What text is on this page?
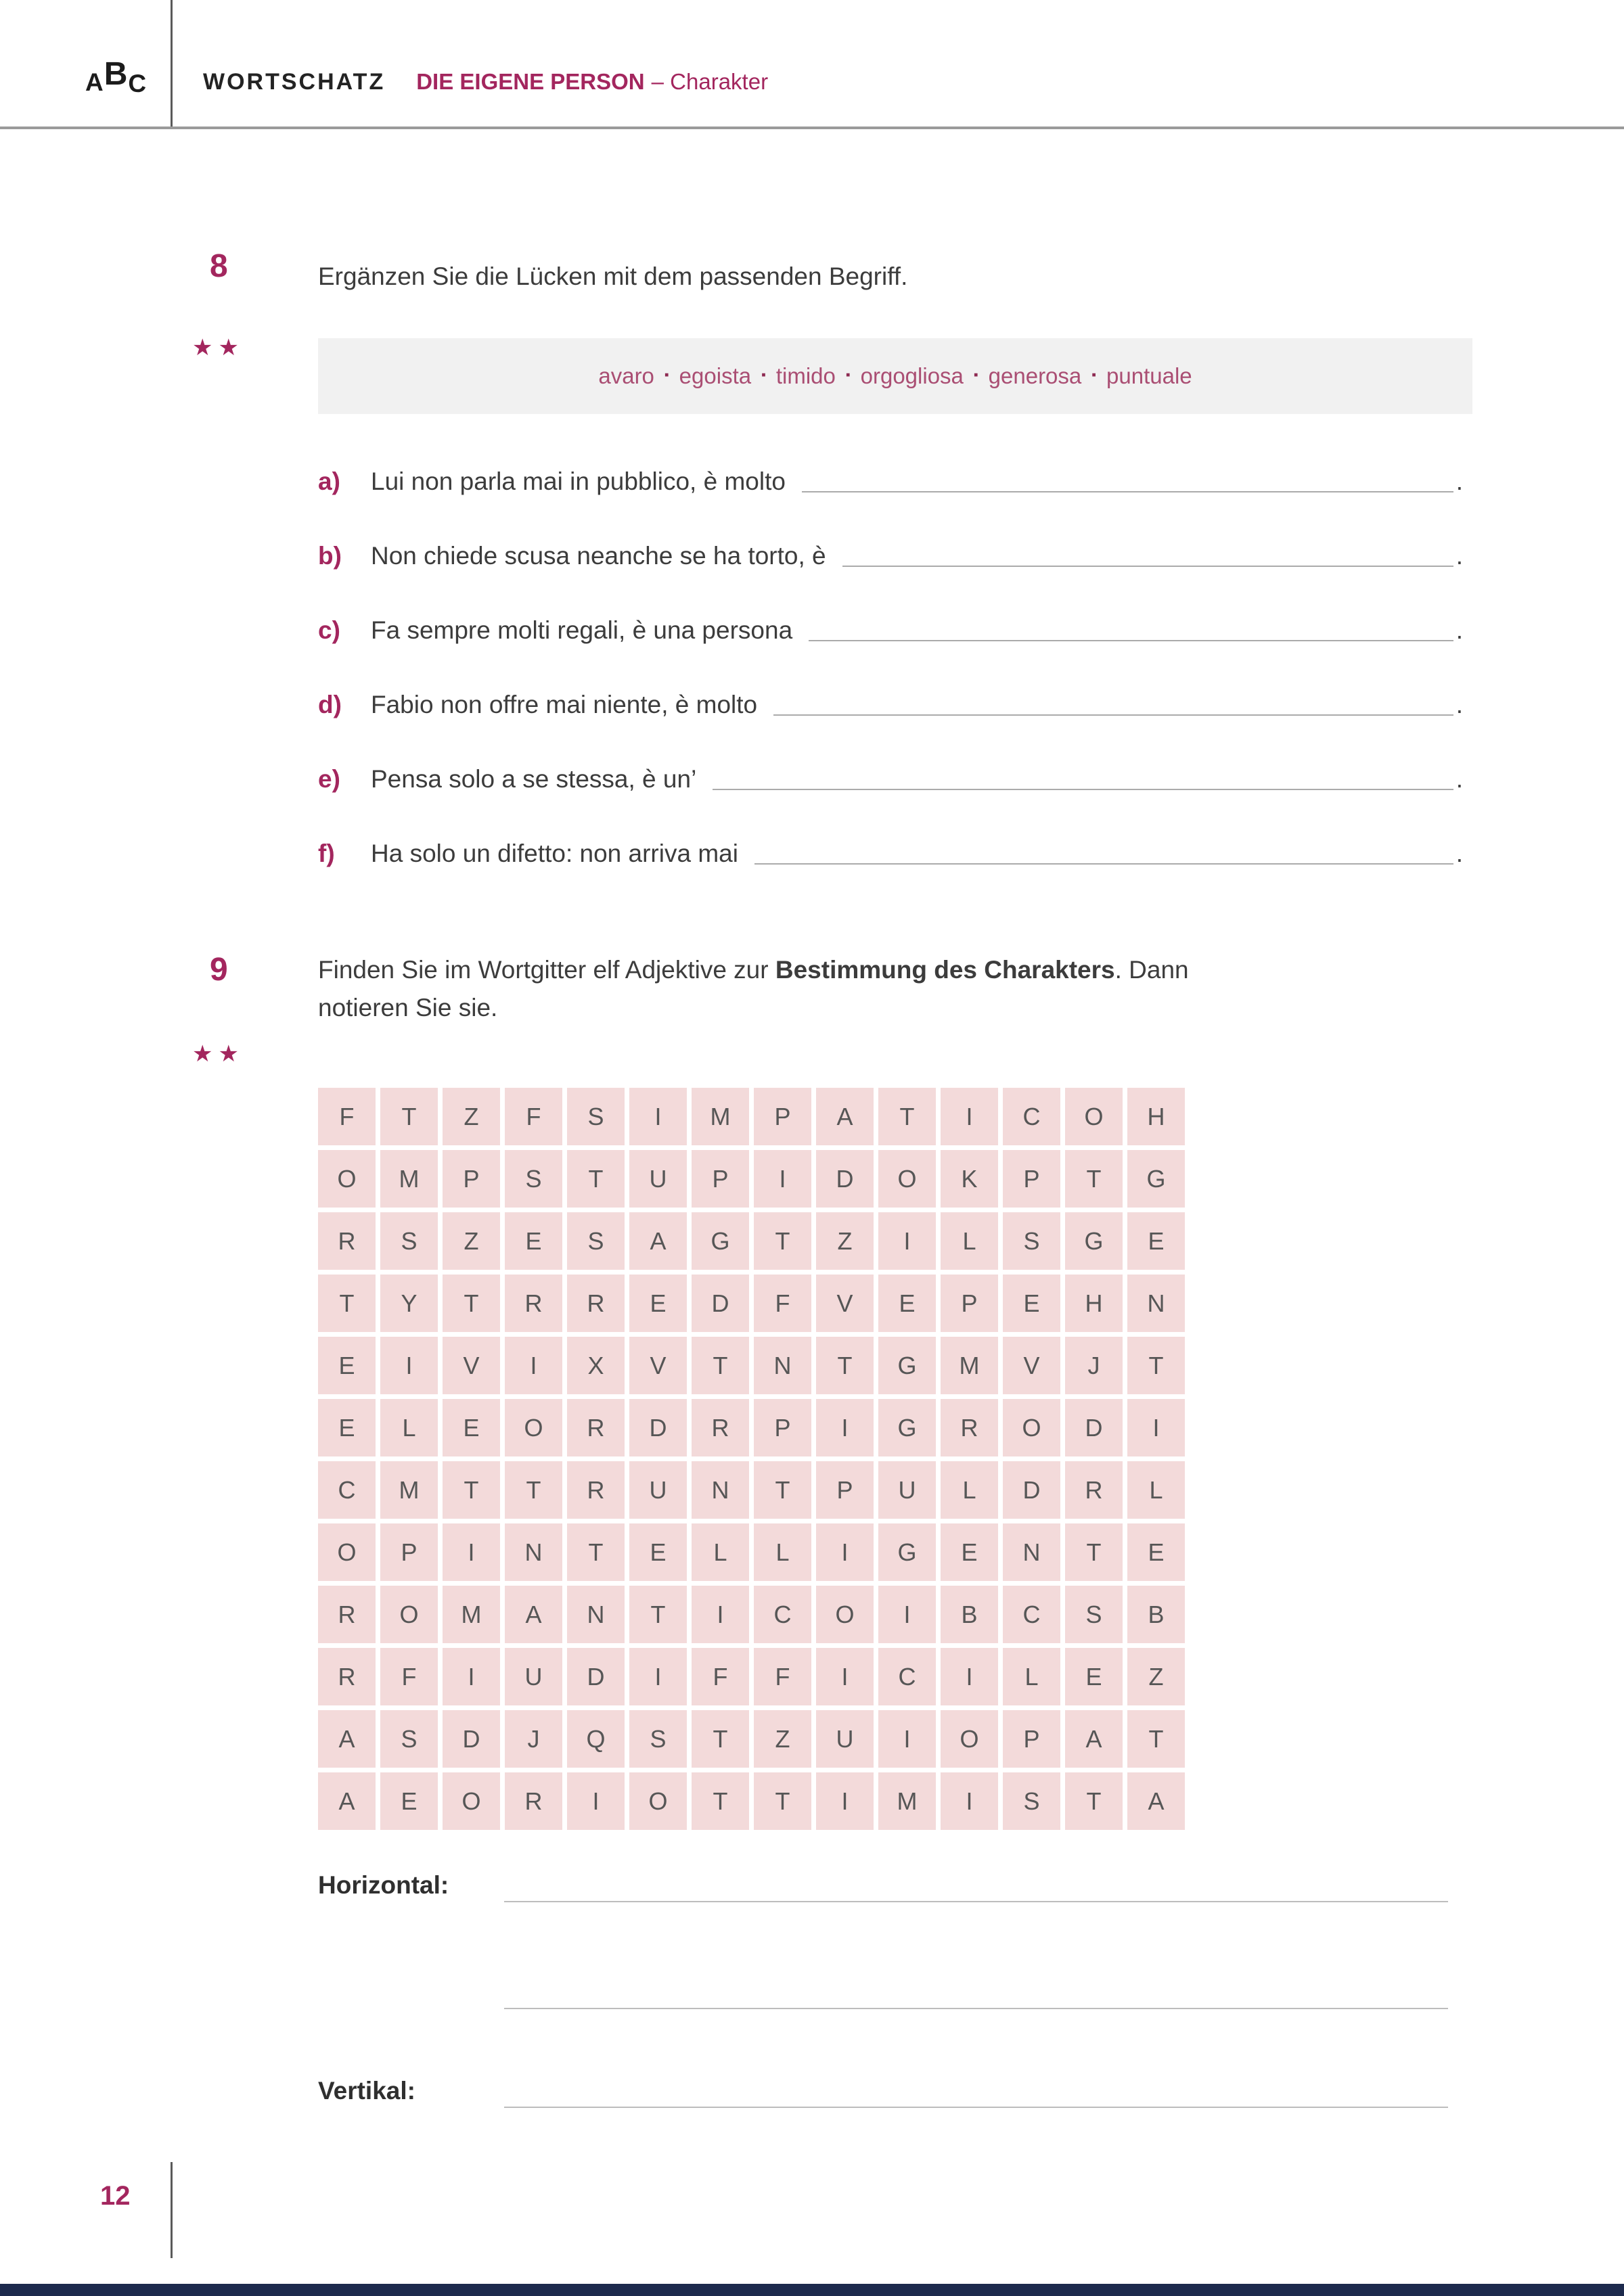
ABC WORTSCHATZ DIE EIGENE PERSON – Charakter
8
★★
Ergänzen Sie die Lücken mit dem passenden Begriff.
avaro ▪ egoista ▪ timido ▪ orgogliosa ▪ generosa ▪ puntuale
a)	Lui non parla mai in pubblico, è molto	.
b)	Non chiede scusa neanche se ha torto, è	.
c)	Fa sempre molti regali, è una persona	.
d)	Fabio non offre mai niente, è molto	.
e)	Pensa solo a se stessa, è un’	.
f)	Ha solo un difetto: non arriva mai	.
9
★★
Finden Sie im Wortgitter elf Adjektive zur Bestimmung des Charakters. Dann
notieren Sie sie.
F	T	Z	F	S	I	M	P	A	T	I	C	O	H
O	M	P	S	T	U	P	I	D	O	K	P	T	G
R	S	Z	E	S	A	G	T	Z	I	L	S	G	E
T	Y	T	R	R	E	D	F	V	E	P	E	H	N
E	I	V	I	X	V	T	N	T	G	M	V	J	T
E	L	E	O	R	D	R	P	I	G	R	O	D	I
C	M	T	T	R	U	N	T	P	U	L	D	R	L
O	P	I	N	T	E	L	L	I	G	E	N	T	E
R	O	M	A	N	T	I	C	O	I	B	C	S	B
R	F	I	U	D	I	F	F	I	C	I	L	E	Z
A	S	D	J	Q	S	T	Z	U	I	O	P	A	T
A	E	O	R	I	O	T	T	I	M	I	S	T	A
Horizontal:
Vertikal:
12
